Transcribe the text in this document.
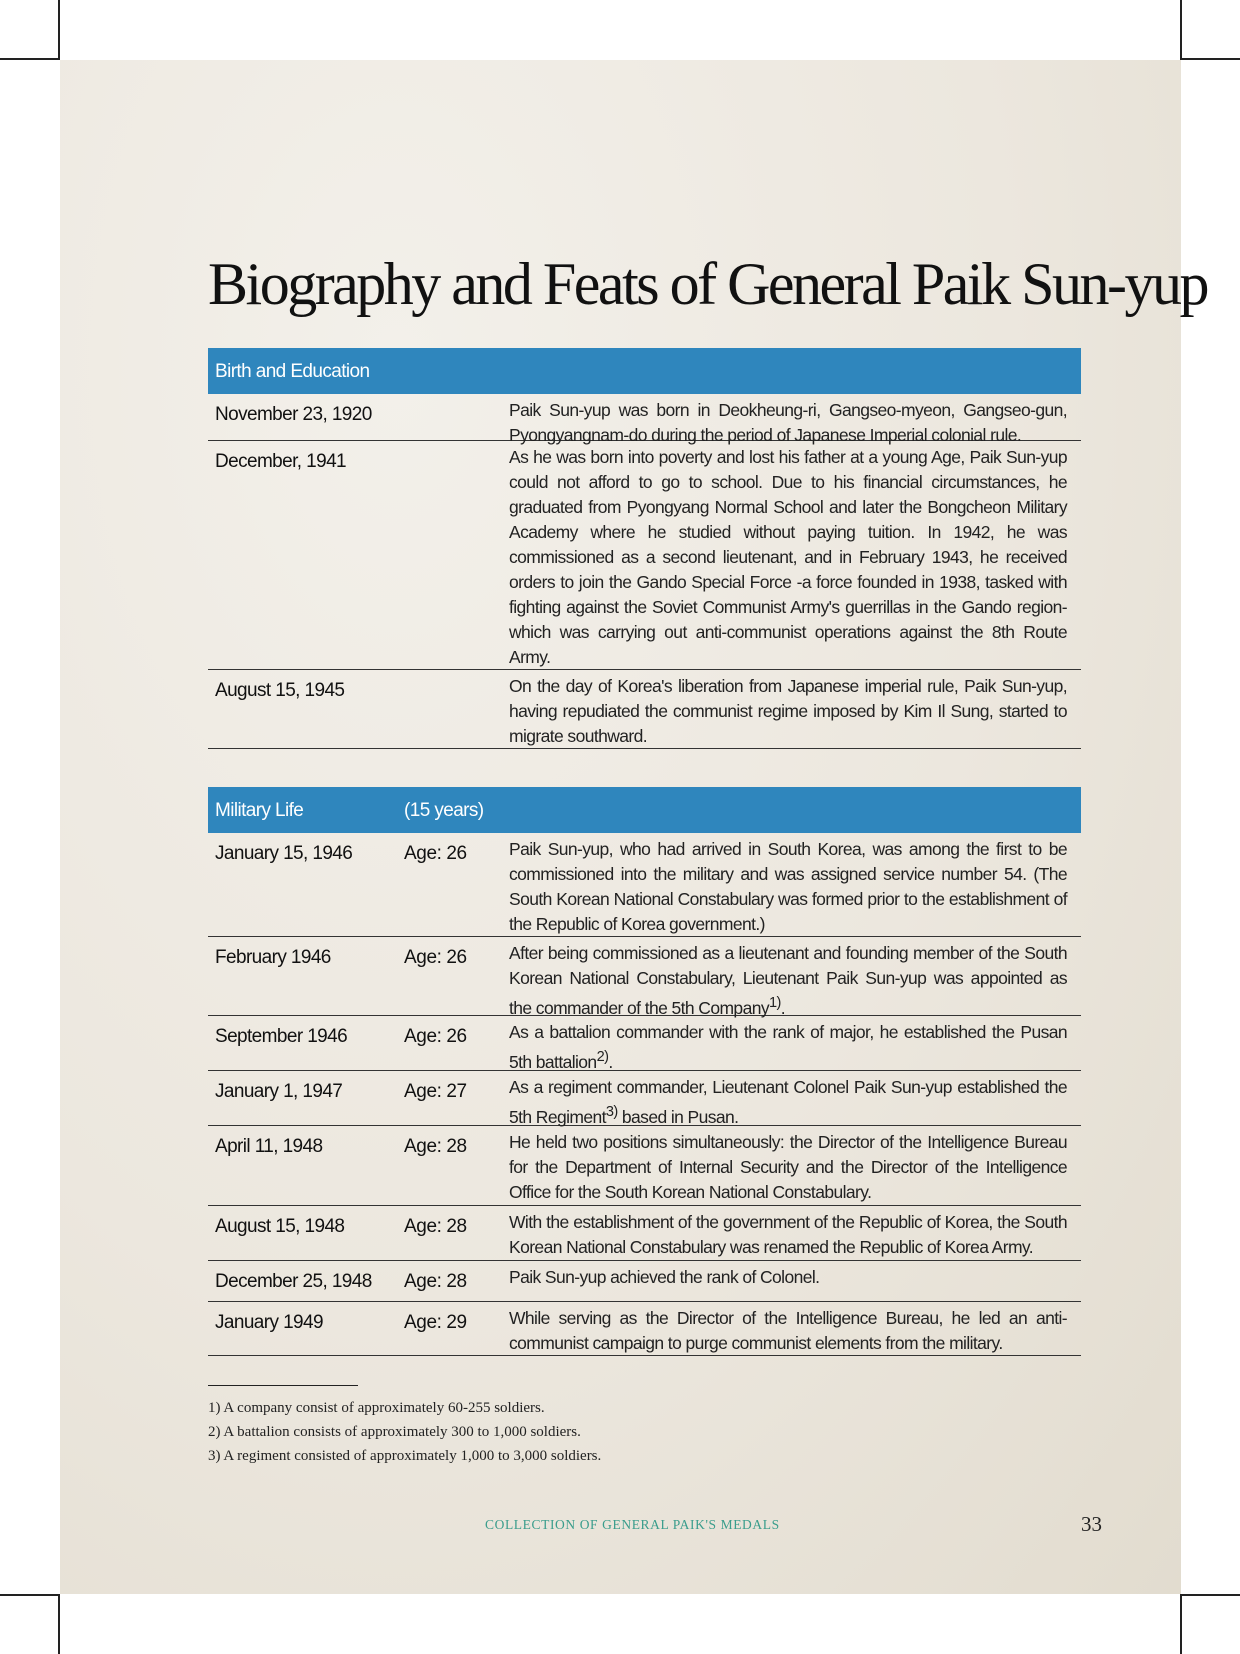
Biography and Feats of General Paik Sun-yup
Birth and Education
November 23, 1920	Paik Sun-yup was born in Deokheung-ri, Gangseo-myeon, Gangseo-gun, Pyongyangnam-do during the period of Japanese Imperial colonial rule.
December, 1941	As he was born into poverty and lost his father at a young Age, Paik Sun-yup could not afford to go to school. Due to his financial circumstances, he graduated from Pyongyang Normal School and later the Bongcheon Military Academy where he studied without paying tuition. In 1942, he was commissioned as a second lieutenant, and in February 1943, he received orders to join the Gando Special Force -a force founded in 1938, tasked with fighting against the Soviet Communist Army's guerrillas in the Gando region- which was carrying out anti-communist operations against the 8th Route Army.
August 15, 1945	On the day of Korea's liberation from Japanese imperial rule, Paik Sun-yup, having repudiated the communist regime imposed by Kim Il Sung, started to migrate southward.
Military Life	(15 years)
January 15, 1946	Age: 26 Paik Sun-yup, who had arrived in South Korea, was among the first to be commissioned into the military and was assigned service number 54. (The South Korean National Constabulary was formed prior to the establishment of the Republic of Korea government.)
February 1946	Age: 26 After being commissioned as a lieutenant and founding member of the South Korean National Constabulary, Lieutenant Paik Sun-yup was appointed as the commander of the 5th Company$^{1)}$.
September 1946	Age: 26 As a battalion commander with the rank of major, he established the Pusan 5th battalion$^{2)}$.
January 1, 1947	Age: 27 As a regiment commander, Lieutenant Colonel Paik Sun-yup established the 5th Regiment$^{3)}$ based in Pusan.
April 11, 1948	Age: 28 He held two positions simultaneously: the Director of the Intelligence Bureau for the Department of Internal Security and the Director of the Intelligence Office for the South Korean National Constabulary.
August 15, 1948	Age: 28 With the establishment of the government of the Republic of Korea, the South Korean National Constabulary was renamed the Republic of Korea Army.
December 25, 1948 Age: 28 Paik Sun-yup achieved the rank of Colonel.
January 1949	Age: 29 While serving as the Director of the Intelligence Bureau, he led an anti-communist campaign to purge communist elements from the military.
1) A company consist of approximately 60-255 soldiers.
2) A battalion consists of approximately 300 to 1,000 soldiers.
3) A regiment consisted of approximately 1,000 to 3,000 soldiers.
COLLECTION OF GENERAL PAIK'S MEDALS	33
